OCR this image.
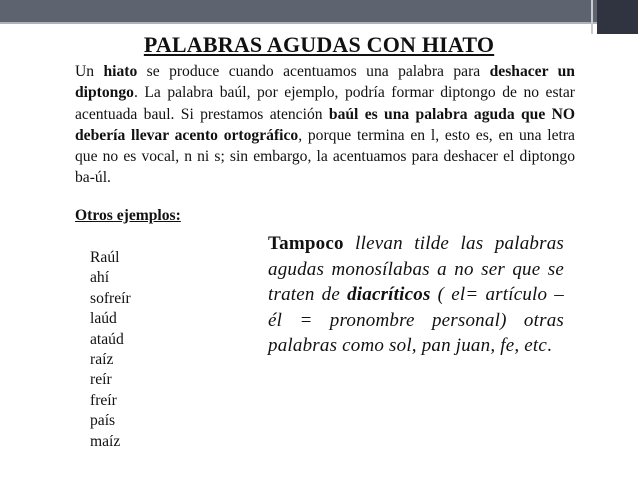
PALABRAS AGUDAS CON HIATO

Un hiato se produce cuando acentuamos una palabra para deshacer un diptongo. La palabra baúl, por ejemplo, podría formar diptongo de no estar acentuada baul. Si prestamos atención baúl es una palabra aguda que NO debería llevar acento ortográfico, porque termina en l, esto es, en una letra que no es vocal, n ni s; sin embargo, la acentuamos para deshacer el diptongo ba-úl.

Otros ejemplos:

Raúl
ahí
sofreír
laúd
ataúd
raíz
reír
freír
país
maíz

Tampoco llevan tilde las palabras agudas monosílabas a no ser que se traten de diacríticos ( el= artículo – él = pronombre personal) otras palabras como sol, pan juan, fe, etc.
